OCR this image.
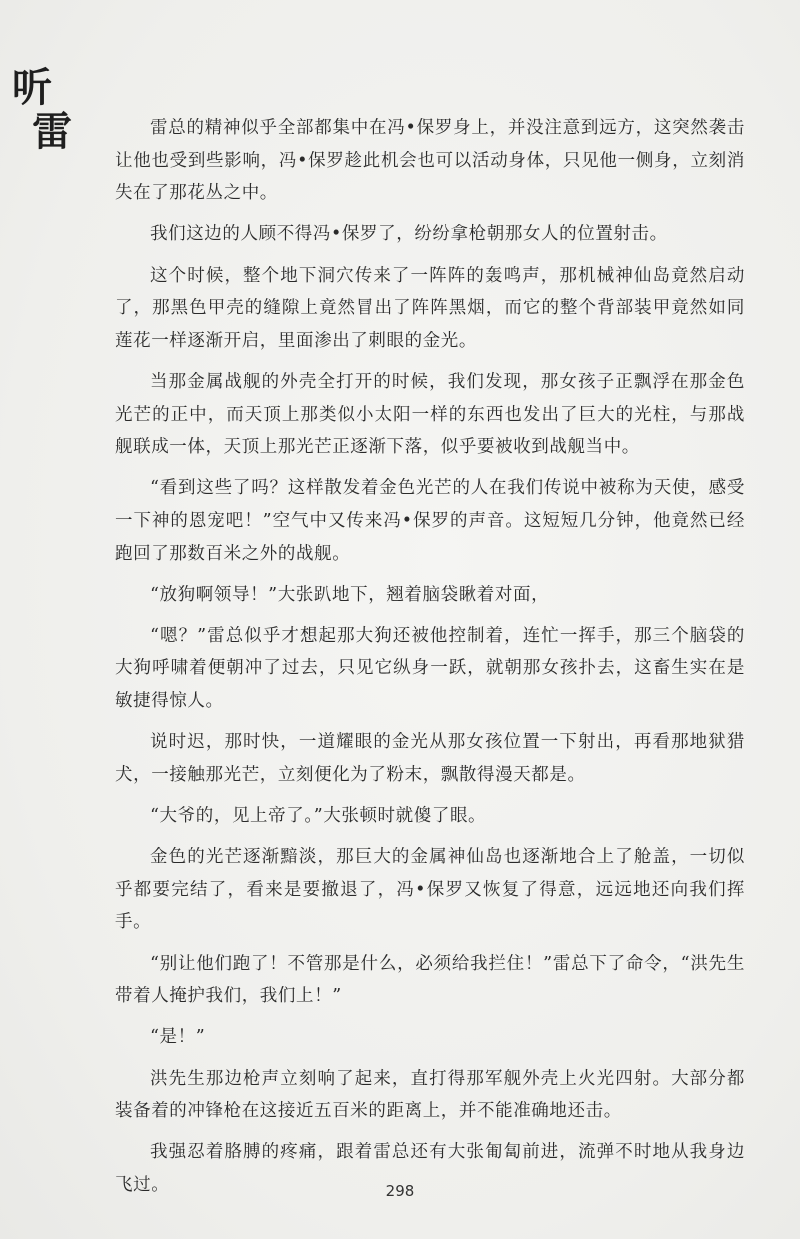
听
雷	雷总的精神似乎全部都集中在冯•保罗身上，并没注意到远方，这突然袭击让他也受到些影响，冯•保罗趁此机会也可以活动身体，只见他一侧身，立刻消失在了那花丛之中。

我们这边的人顾不得冯•保罗了，纷纷拿枪朝那女人的位置射击。

这个时候，整个地下洞穴传来了一阵阵的轰鸣声，那机械神仙岛竟然启动了，那黑色甲壳的缝隙上竟然冒出了阵阵黑烟，而它的整个背部装甲竟然如同莲花一样逐渐开启，里面渗出了刺眼的金光。

当那金属战舰的外壳全打开的时候，我们发现，那女孩子正飘浮在那金色光芒的正中，而天顶上那类似小太阳一样的东西也发出了巨大的光柱，与那战舰联成一体，天顶上那光芒正逐渐下落，似乎要被收到战舰当中。

“看到这些了吗？这样散发着金色光芒的人在我们传说中被称为天使，感受一下神的恩宠吧！”空气中又传来冯•保罗的声音。这短短几分钟，他竟然已经跑回了那数百米之外的战舰。

“放狗啊领导！”大张趴地下，翘着脑袋瞅着对面，

“嗯？”雷总似乎才想起那大狗还被他控制着，连忙一挥手，那三个脑袋的大狗呼啸着便朝冲了过去，只见它纵身一跃，就朝那女孩扑去，这畜生实在是敏捷得惊人。

说时迟，那时快，一道耀眼的金光从那女孩位置一下射出，再看那地狱猎犬，一接触那光芒，立刻便化为了粉末，飘散得漫天都是。

“大爷的，见上帝了。”大张顿时就傻了眼。

金色的光芒逐渐黯淡，那巨大的金属神仙岛也逐渐地合上了舱盖，一切似乎都要完结了，看来是要撤退了，冯•保罗又恢复了得意，远远地还向我们挥手。

“别让他们跑了！不管那是什么，必须给我拦住！”雷总下了命令，“洪先生带着人掩护我们，我们上！”

“是！”

洪先生那边枪声立刻响了起来，直打得那军舰外壳上火光四射。大部分都装备着的冲锋枪在这接近五百米的距离上，并不能准确地还击。

我强忍着胳膊的疼痛，跟着雷总还有大张匍匐前进，流弹不时地从我身边飞过。	298
